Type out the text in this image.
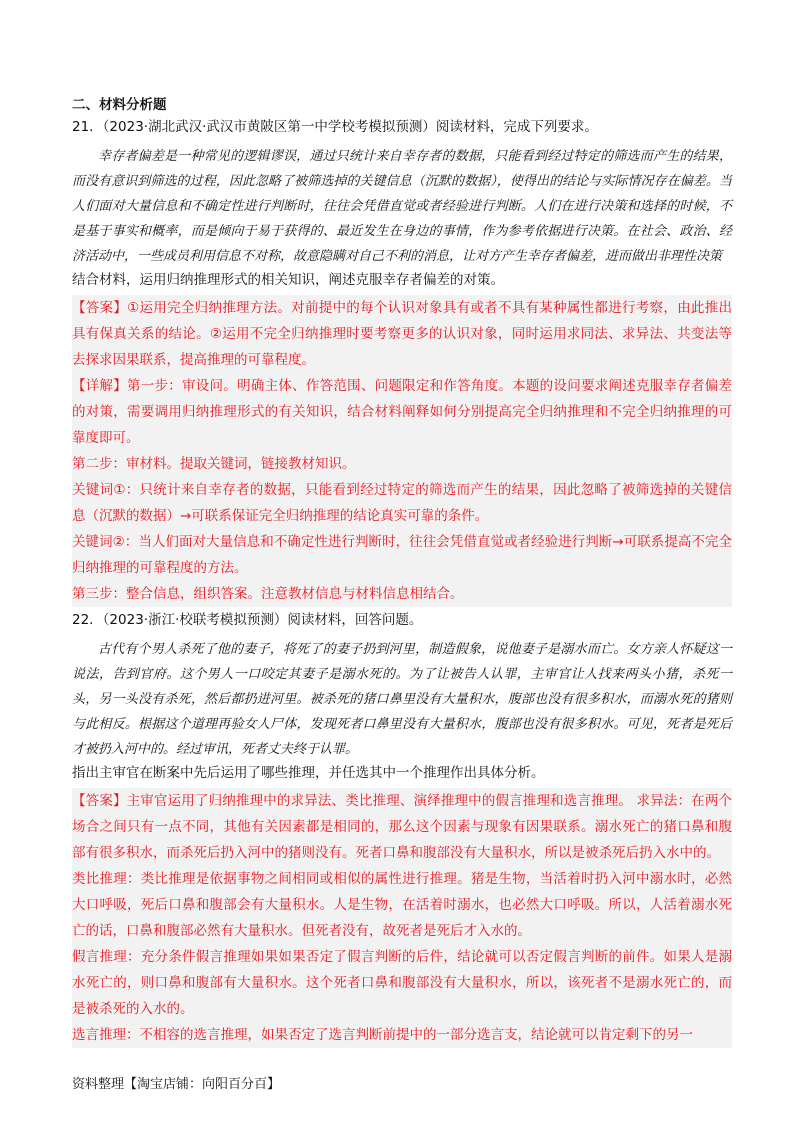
二、材料分析题
21．（2023·湖北武汉·武汉市黄陂区第一中学校考模拟预测）阅读材料，完成下列要求。
幸存者偏差是一种常见的逻辑谬误，通过只统计来自幸存者的数据，只能看到经过特定的筛选而产生的结果，而没有意识到筛选的过程，因此忽略了被筛选掉的关键信息（沉默的数据），使得出的结论与实际情况存在偏差。当人们面对大量信息和不确定性进行判断时，往往会凭借直觉或者经验进行判断。人们在进行决策和选择的时候，不是基于事实和概率，而是倾向于易于获得的、最近发生在身边的事情，作为参考依据进行决策。在社会、政治、经济活动中，一些成员利用信息不对称，故意隐瞒对自己不利的消息，让对方产生幸存者偏差，进而做出非理性决策
结合材料，运用归纳推理形式的相关知识，阐述克服幸存者偏差的对策。

【答案】①运用完全归纳推理方法。对前提中的每个认识对象具有或者不具有某种属性都进行考察，由此推出具有保真关系的结论。②运用不完全归纳推理时要考察更多的认识对象，同时运用求同法、求异法、共变法等去探求因果联系，提高推理的可靠程度。

【详解】第一步：审设问。明确主体、作答范围、问题限定和作答角度。本题的设问要求阐述克服幸存者偏差的对策，需要调用归纳推理形式的有关知识，结合材料阐释如何分别提高完全归纳推理和不完全归纳推理的可靠度即可。

第二步：审材料。提取关键词，链接教材知识。

关键词①：只统计来自幸存者的数据，只能看到经过特定的筛选而产生的结果，因此忽略了被筛选掉的关键信息（沉默的数据）→可联系保证完全归纳推理的结论真实可靠的条件。

关键词②：当人们面对大量信息和不确定性进行判断时，往往会凭借直觉或者经验进行判断→可联系提高不完全归纳推理的可靠程度的方法。

第三步：整合信息，组织答案。注意教材信息与材料信息相结合。

22．（2023·浙江·校联考模拟预测）阅读材料，回答问题。
古代有个男人杀死了他的妻子，将死了的妻子扔到河里，制造假象，说他妻子是溺水而亡。女方亲人怀疑这一说法，告到官府。这个男人一口咬定其妻子是溺水死的。为了让被告人认罪，主审官让人找来两头小猪，杀死一头，另一头没有杀死，然后都扔进河里。被杀死的猪口鼻里没有大量积水，腹部也没有很多积水，而溺水死的猪则与此相反。根据这个道理再验女人尸体，发现死者口鼻里没有大量积水，腹部也没有很多积水。可见，死者是死后才被扔入河中的。经过审讯，死者丈夫终于认罪。
指出主审官在断案中先后运用了哪些推理，并任选其中一个推理作出具体分析。

【答案】主审官运用了归纳推理中的求异法、类比推理、演绎推理中的假言推理和选言推理。 求异法：在两个场合之间只有一点不同，其他有关因素都是相同的，那么这个因素与现象有因果联系。溺水死亡的猪口鼻和腹部有很多积水，而杀死后扔入河中的猪则没有。死者口鼻和腹部没有大量积水，所以是被杀死后扔入水中的。

类比推理：类比推理是依据事物之间相同或相似的属性进行推理。猪是生物，当活着时扔入河中溺水时，必然大口呼吸，死后口鼻和腹部会有大量积水。人是生物，在活着时溺水，也必然大口呼吸。所以，人活着溺水死亡的话，口鼻和腹部必然有大量积水。但死者没有，故死者是死后才入水的。

假言推理：充分条件假言推理如果如果否定了假言判断的后件，结论就可以否定假言判断的前件。如果人是溺水死亡的，则口鼻和腹部有大量积水。这个死者口鼻和腹部没有大量积水，所以，该死者不是溺水死亡的，而是被杀死的入水的。

选言推理：不相容的选言推理，如果否定了选言判断前提中的一部分选言支，结论就可以肯定剩下的另一

资料整理【淘宝店铺：向阳百分百】
